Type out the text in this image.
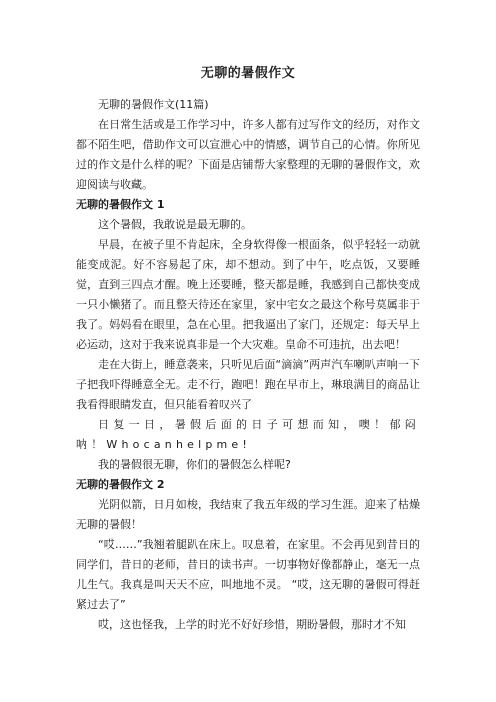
无聊的暑假作文

无聊的暑假作文(11篇)

在日常生活或是工作学习中，许多人都有过写作文的经历，对作文都不陌生吧，借助作文可以宣泄心中的情感，调节自己的心情。你所见过的作文是什么样的呢？下面是店铺帮大家整理的无聊的暑假作文，欢迎阅读与收藏。

无聊的暑假作文 1

这个暑假，我敢说是最无聊的。

早晨，在被子里不肯起床，全身软得像一根面条，似乎轻轻一动就能变成泥。好不容易起了床，却不想动。到了中午，吃点饭，又要睡觉，直到三四点才醒。晚上还要睡，整天都是睡，我感到自己都快变成一只小懒猪了。而且整天待还在家里，家中宅女之最这个称号莫属非于我了。妈妈看在眼里，急在心里。把我逼出了家门，还规定：每天早上必运动，这对于我来说真非是一个大灾难。皇命不可违抗，出去吧！

走在大街上，睡意袭来，只听见后面“滴滴”两声汽车喇叭声响一下子把我吓得睡意全无。走不行，跑吧！跑在早市上，琳琅满目的商品让我看得眼睛发直，但只能看着叹兴了

日复一日，暑假后面的日子可想而知，噢！郁闷呐！Whocanhelpme!

我的暑假很无聊，你们的暑假怎么样呢?

无聊的暑假作文 2

光阴似箭，日月如梭，我结束了我五年级的学习生涯。迎来了枯燥无聊的暑假！

“哎……”我翘着腿趴在床上。叹息着，在家里。不会再见到昔日的同学们，昔日的老师，昔日的读书声。一切事物好像都静止，毫无一点儿生气。我真是叫天天不应，叫地地不灵。 “哎，这无聊的暑假可得赶紧过去了”

哎，这也怪我，上学的时光不好好珍惜，期盼暑假，那时才不知
